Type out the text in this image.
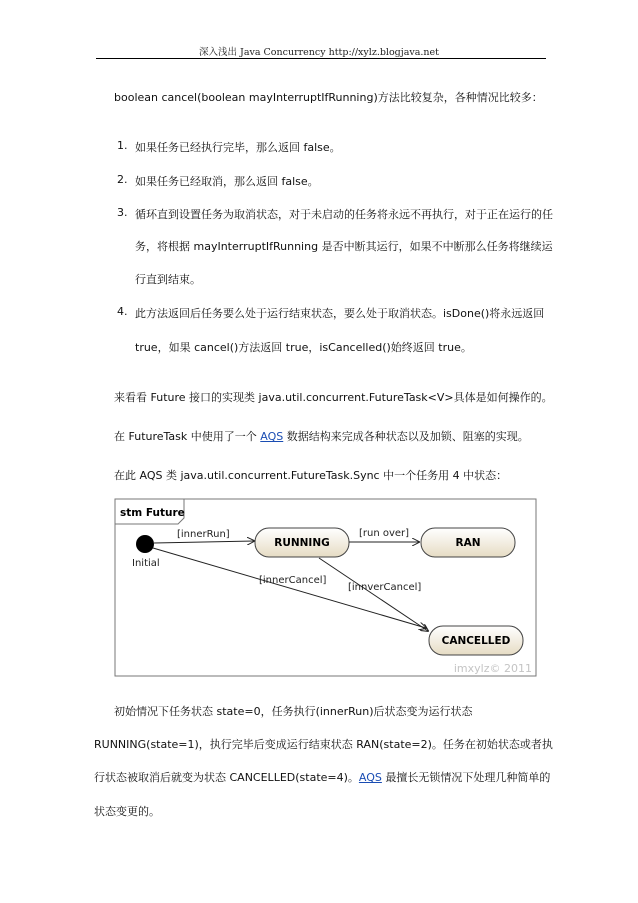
深入浅出 Java Concurrency http://xylz.blogjava.net
boolean cancel(boolean mayInterruptIfRunning)方法比较复杂，各种情况比较多：
1. 如果任务已经执行完毕，那么返回 false。
2. 如果任务已经取消，那么返回 false。
3. 循环直到设置任务为取消状态，对于未启动的任务将永远不再执行，对于正在运行的任
务，将根据 mayInterruptIfRunning 是否中断其运行，如果不中断那么任务将继续运
行直到结束。
4. 此方法返回后任务要么处于运行结束状态，要么处于取消状态。isDone()将永远返回
true，如果 cancel()方法返回 true，isCancelled()始终返回 true。
来看看 Future 接口的实现类 java.util.concurrent.FutureTask<V>具体是如何操作的。
在 FutureTask 中使用了一个 AQS 数据结构来完成各种状态以及加锁、阻塞的实现。
在此 AQS 类 java.util.concurrent.FutureTask.Sync 中一个任务用 4 中状态：
stm Future
Initial
[innerRun]
RUNNING
[run over]
RAN
[innerCancel]
[innverCancel]
CANCELLED
imxylz© 2011
初始情况下任务状态 state=0，任务执行(innerRun)后状态变为运行状态
RUNNING(state=1)，执行完毕后变成运行结束状态 RAN(state=2)。任务在初始状态或者执
行状态被取消后就变为状态 CANCELLED(state=4)。AQS 最擅长无锁情况下处理几种简单的
状态变更的。
